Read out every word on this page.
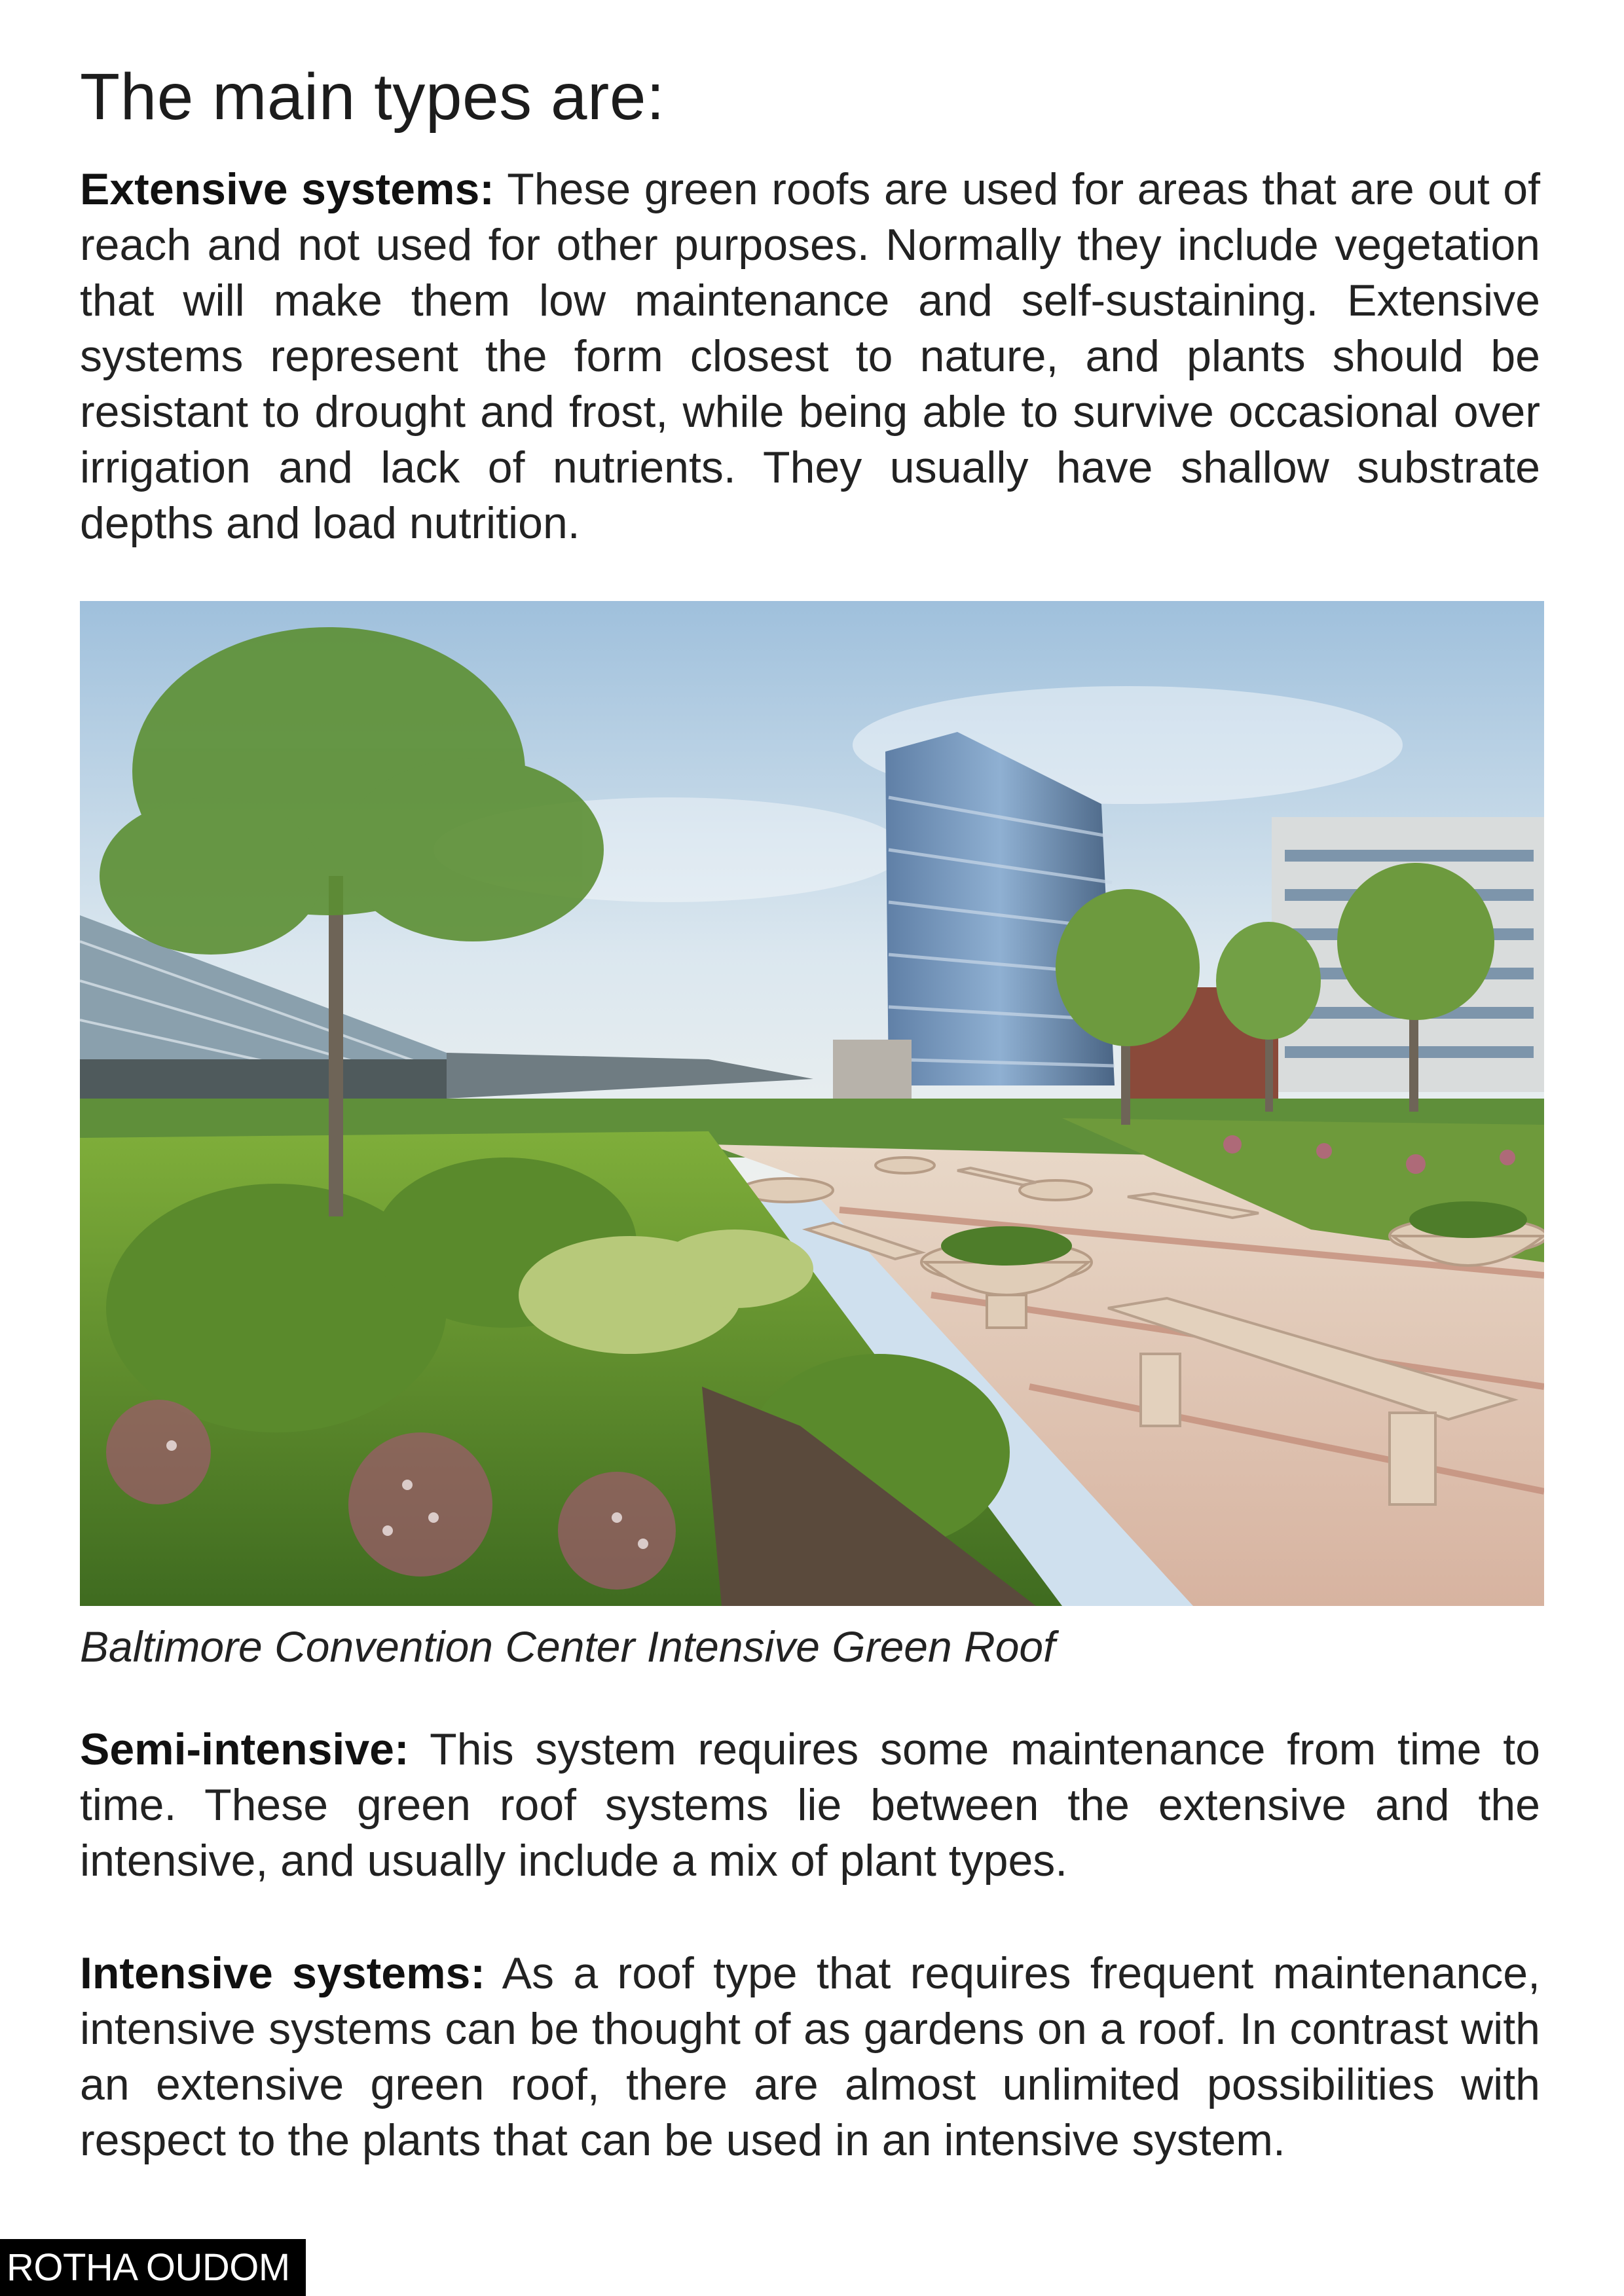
The main types are:

Extensive systems: These green roofs are used for areas that are out of reach and not used for other purposes. Normally they include vegetation that will make them low maintenance and self-sustaining. Extensive systems represent the form closest to nature, and plants should be resistant to drought and frost, while being able to survive occasional over irrigation and lack of nutrients. They usually have shallow substrate depths and load nutrition.

Baltimore Convention Center Intensive Green Roof

Semi-intensive: This system requires some maintenance from time to time. These green roof systems lie between the extensive and the intensive, and usually include a mix of plant types.

Intensive systems: As a roof type that requires frequent maintenance, intensive systems can be thought of as gardens on a roof. In contrast with an extensive green roof, there are almost unlimited possibilities with respect to the plants that can be used in an intensive system.

ROTHA OUDOM
